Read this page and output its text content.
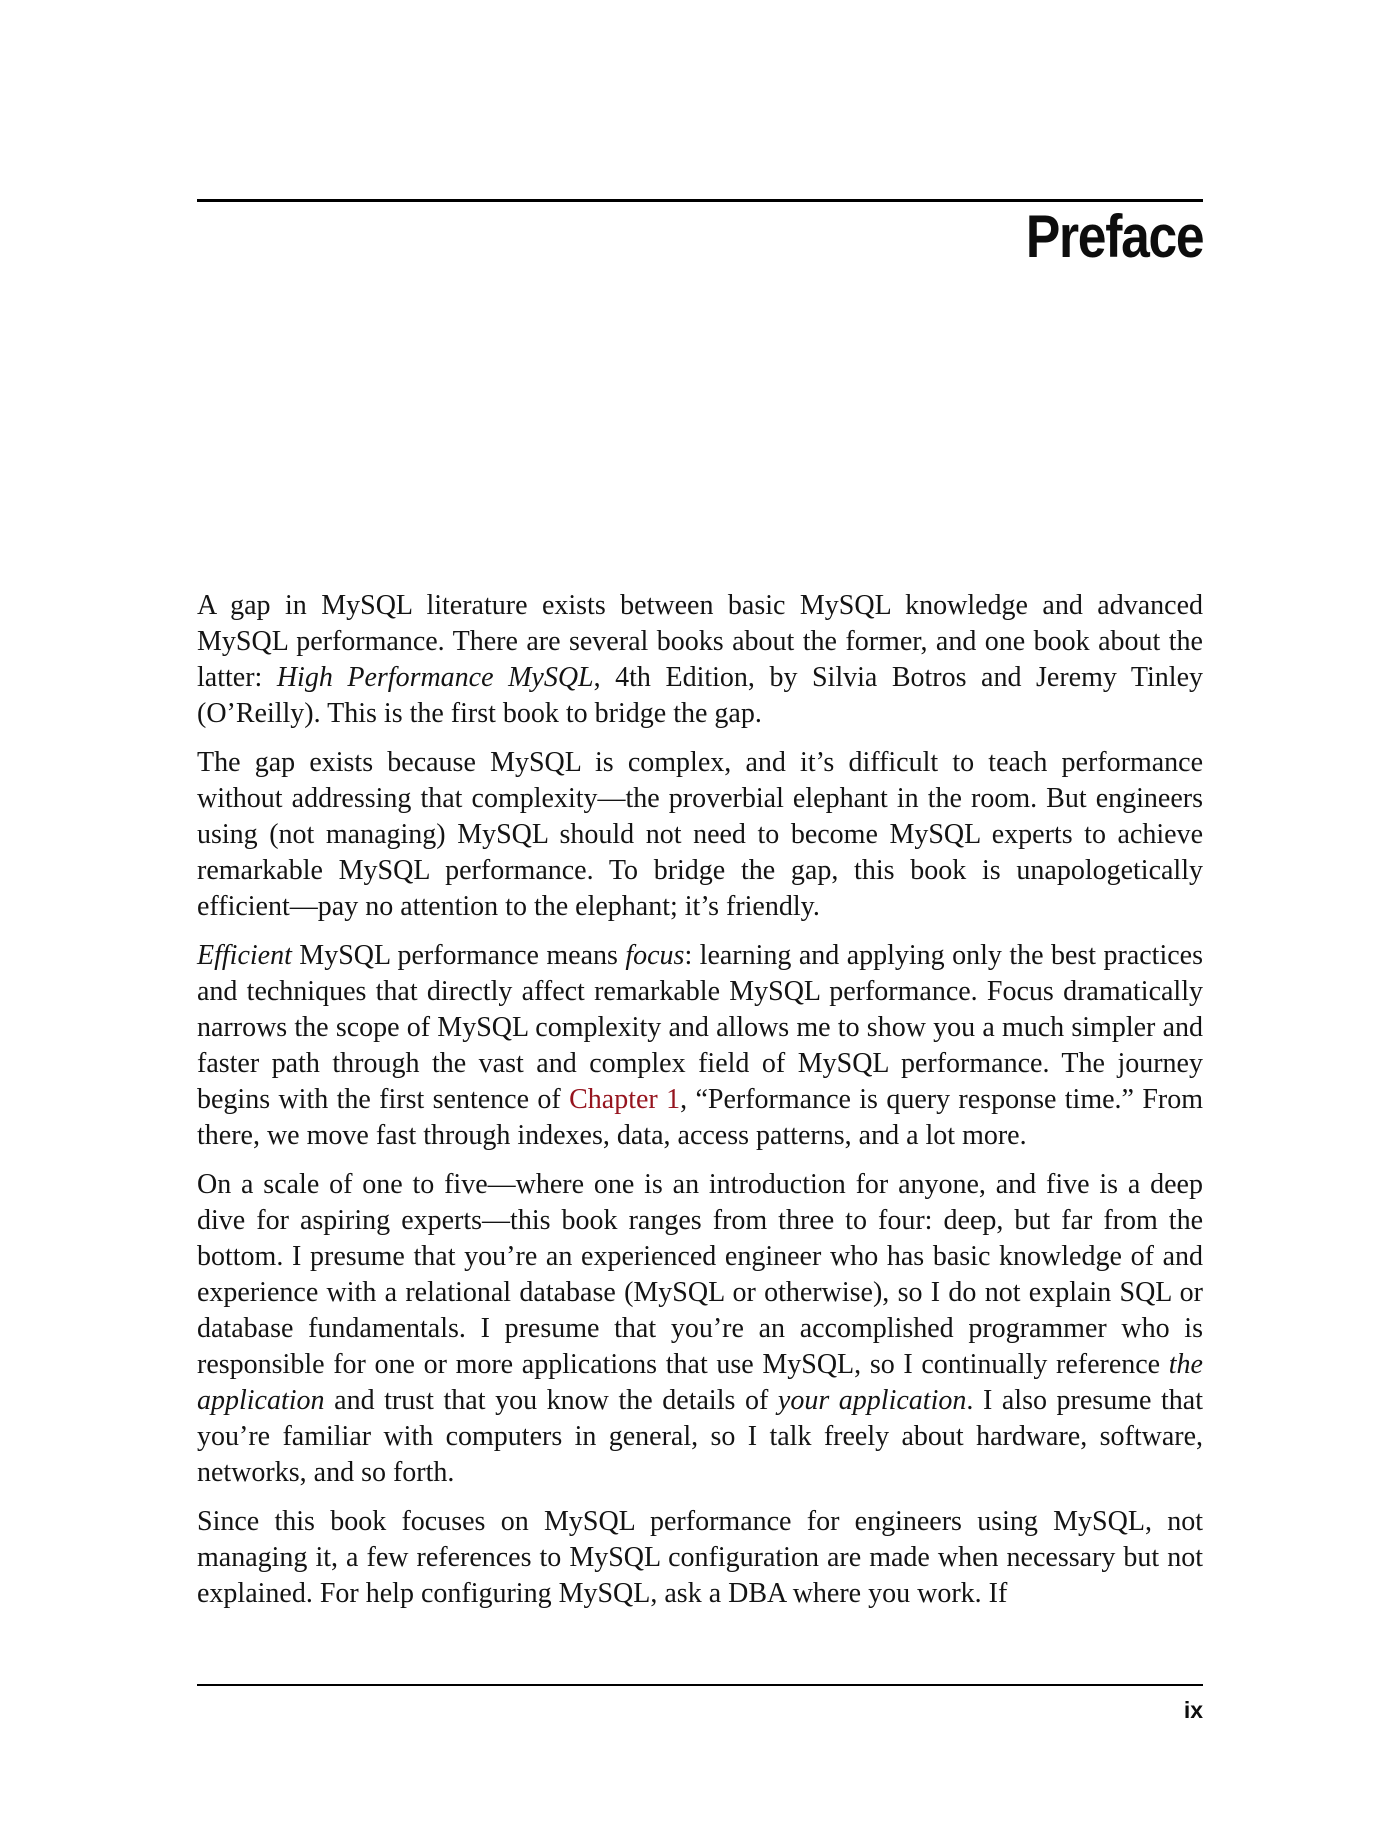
Preface

A gap in MySQL literature exists between basic MySQL knowledge and advanced MySQL performance. There are several books about the former, and one book about the latter: High Performance MySQL, 4th Edition, by Silvia Botros and Jeremy Tinley (O’Reilly). This is the first book to bridge the gap.

The gap exists because MySQL is complex, and it’s difficult to teach performance without addressing that complexity—the proverbial elephant in the room. But engineers using (not managing) MySQL should not need to become MySQL experts to achieve remarkable MySQL performance. To bridge the gap, this book is unapologetically efficient—pay no attention to the elephant; it’s friendly.

Efficient MySQL performance means focus: learning and applying only the best practices and techniques that directly affect remarkable MySQL performance. Focus dramatically narrows the scope of MySQL complexity and allows me to show you a much simpler and faster path through the vast and complex field of MySQL performance. The journey begins with the first sentence of Chapter 1, “Performance is query response time.” From there, we move fast through indexes, data, access patterns, and a lot more.

On a scale of one to five—where one is an introduction for anyone, and five is a deep dive for aspiring experts—this book ranges from three to four: deep, but far from the bottom. I presume that you’re an experienced engineer who has basic knowledge of and experience with a relational database (MySQL or otherwise), so I do not explain SQL or database fundamentals. I presume that you’re an accomplished programmer who is responsible for one or more applications that use MySQL, so I continually reference the application and trust that you know the details of your application. I also presume that you’re familiar with computers in general, so I talk freely about hardware, software, networks, and so forth.

Since this book focuses on MySQL performance for engineers using MySQL, not managing it, a few references to MySQL configuration are made when necessary but not explained. For help configuring MySQL, ask a DBA where you work. If

ix
